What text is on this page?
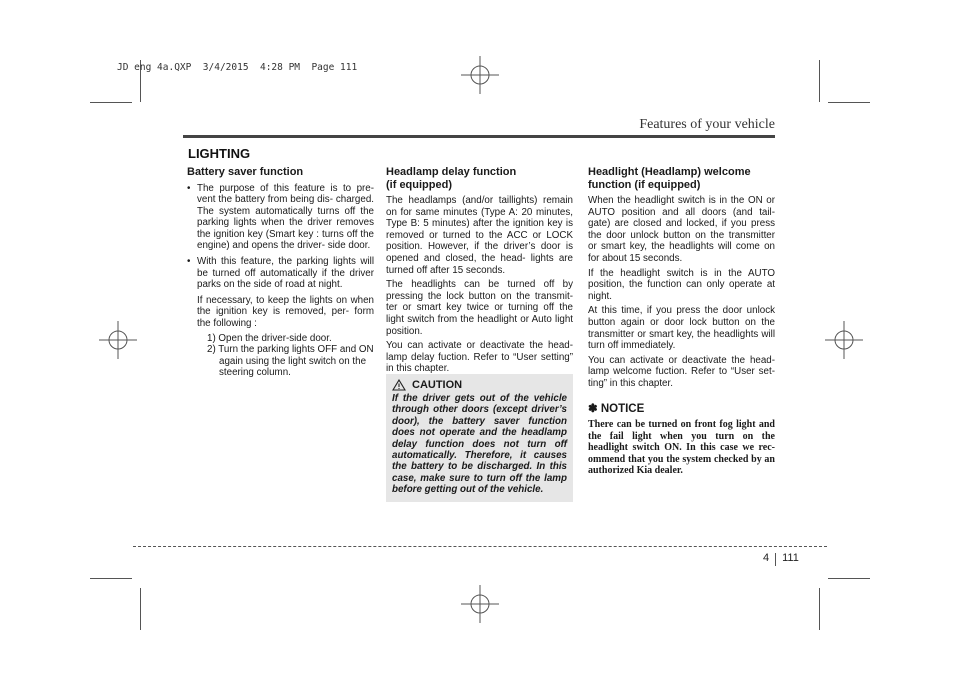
JD eng 4a.QXP  3/4/2015  4:28 PM  Page 111
Features of your vehicle
LIGHTING
Battery saver function
• The purpose of this feature is to pre- vent the battery from being dis- charged. The system automatically turns off the parking lights when the driver removes the ignition key (Smart key : turns off the engine) and opens the driver- side door.
• With this feature, the parking lights will be turned off automatically if the driver parks on the side of road at night.

If necessary, to keep the lights on when the ignition key is removed, per- form the following :

1) Open the driver-side door.
2) Turn the parking lights OFF and ON again using the light switch on the steering column.
Headlamp delay function
(if equipped)

The headlamps (and/or taillights) remain on for same minutes (Type A: 20 minutes, Type B: 5 minutes) after the ignition key is removed or turned to the ACC or LOCK position. However, if the driver’s door is opened and closed, the head- lights are turned off after 15 seconds.

The headlights can be turned off by pressing the lock button on the transmit- ter or smart key twice or turning off the light switch from the headlight or Auto light position.

You can activate or deactivate the head- lamp delay fuction. Refer to “User setting” in this chapter.

CAUTION
If the driver gets out of the vehicle through other doors (except driver’s door), the battery saver function does not operate and the headlamp delay function does not turn off automatically. Therefore, it causes the battery to be discharged. In this case, make sure to turn off the lamp before getting out of the vehicle.
Headlight (Headlamp) welcome
function (if equipped)

When the headlight switch is in the ON or AUTO position and all doors (and tail- gate) are closed and locked, if you press the door unlock button on the transmitter or smart key, the headlights will come on for about 15 seconds.

If the headlight switch is in the AUTO position, the function can only operate at night.

At this time, if you press the door unlock button again or door lock button on the transmitter or smart key, the headlights will turn off immediately.

You can activate or deactivate the head- lamp welcome fuction. Refer to “User set- ting” in this chapter.

✽ NOTICE
There can be turned on front fog light and the fail light when you turn on the headlight switch ON. In this case we rec- ommend that you the system checked by an authorized Kia dealer.
4 111
